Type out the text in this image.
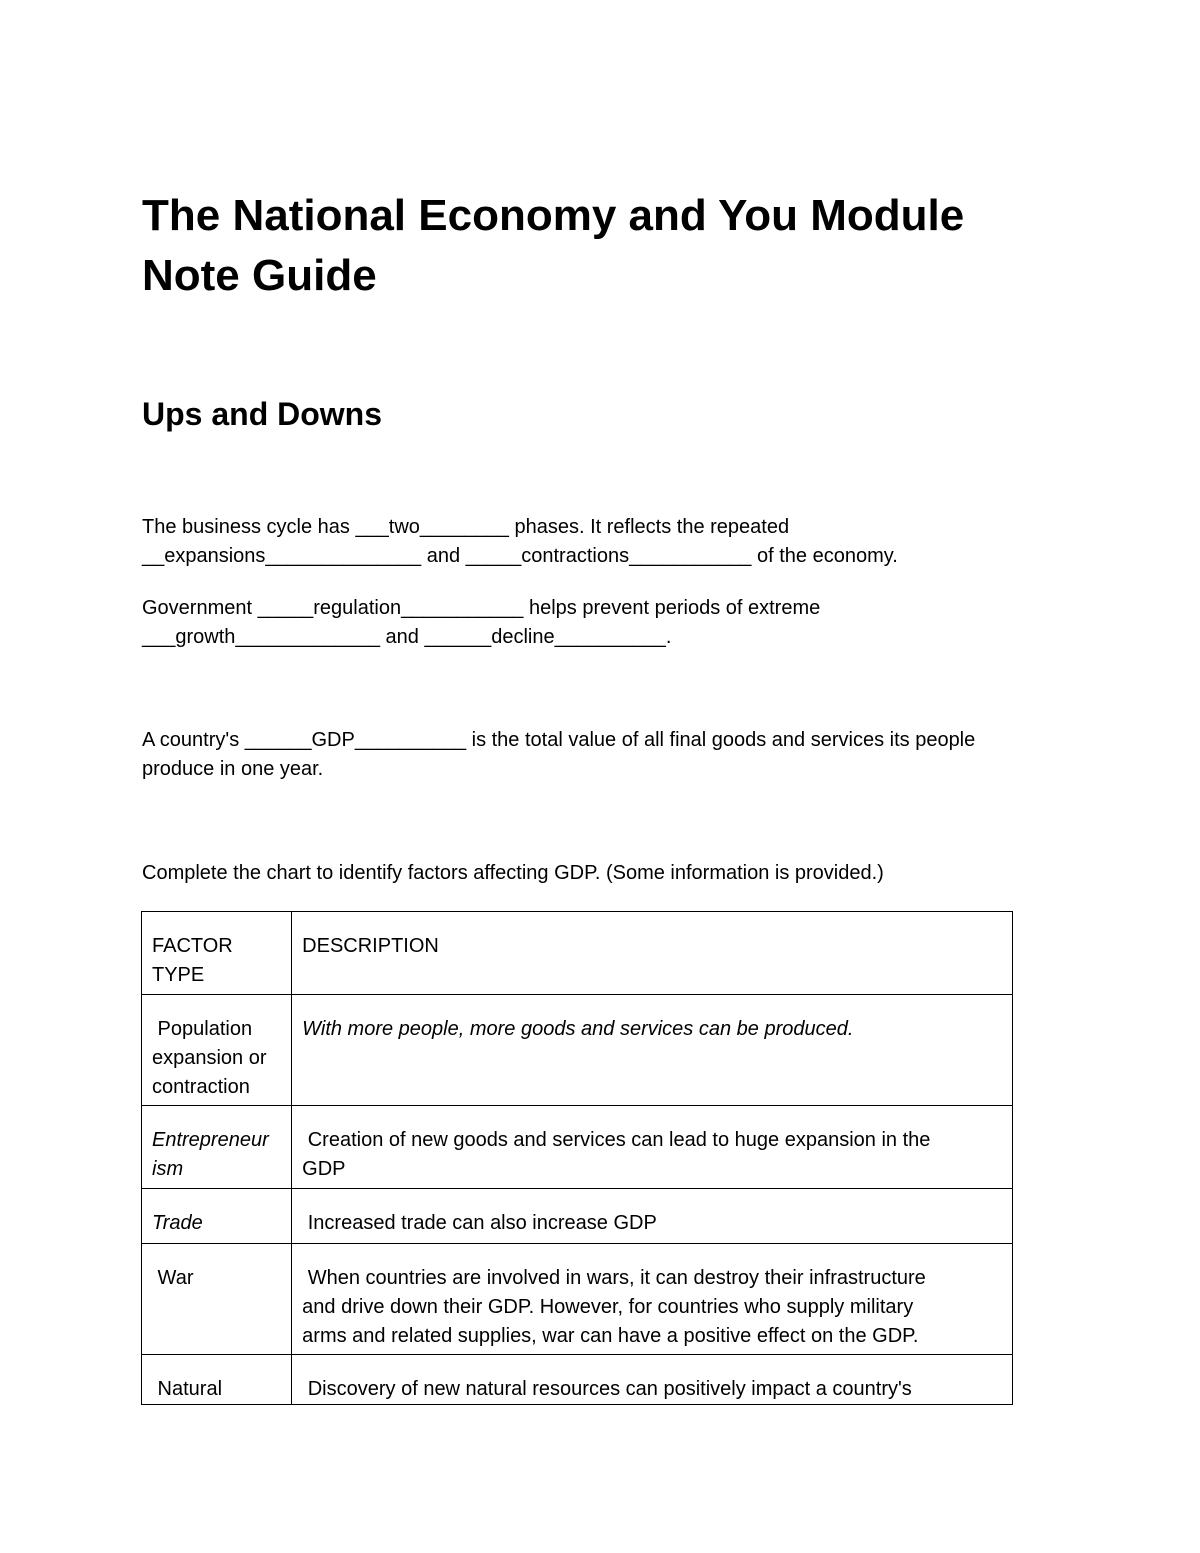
The National Economy and You Module
Note Guide
Ups and Downs

The business cycle has ___two________ phases. It reflects the repeated
__expansions______________ and _____contractions___________ of the economy.

Government _____regulation___________ helps prevent periods of extreme
___growth_____________ and ______decline__________.

A country's ______GDP__________ is the total value of all final goods and services its people
produce in one year.

Complete the chart to identify factors affecting GDP. (Some information is provided.)

FACTOR
TYPE	DESCRIPTION

Population
expansion or
contraction	With more people, more goods and services can be produced.

Entrepreneur
ism	Creation of new goods and services can lead to huge expansion in the
GDP

Trade	Increased trade can also increase GDP
War	When countries are involved in wars, it can destroy their infrastructure
and drive down their GDP. However, for countries who supply military
arms and related supplies, war can have a positive effect on the GDP.

Natural	Discovery of new natural resources can positively impact a country's
